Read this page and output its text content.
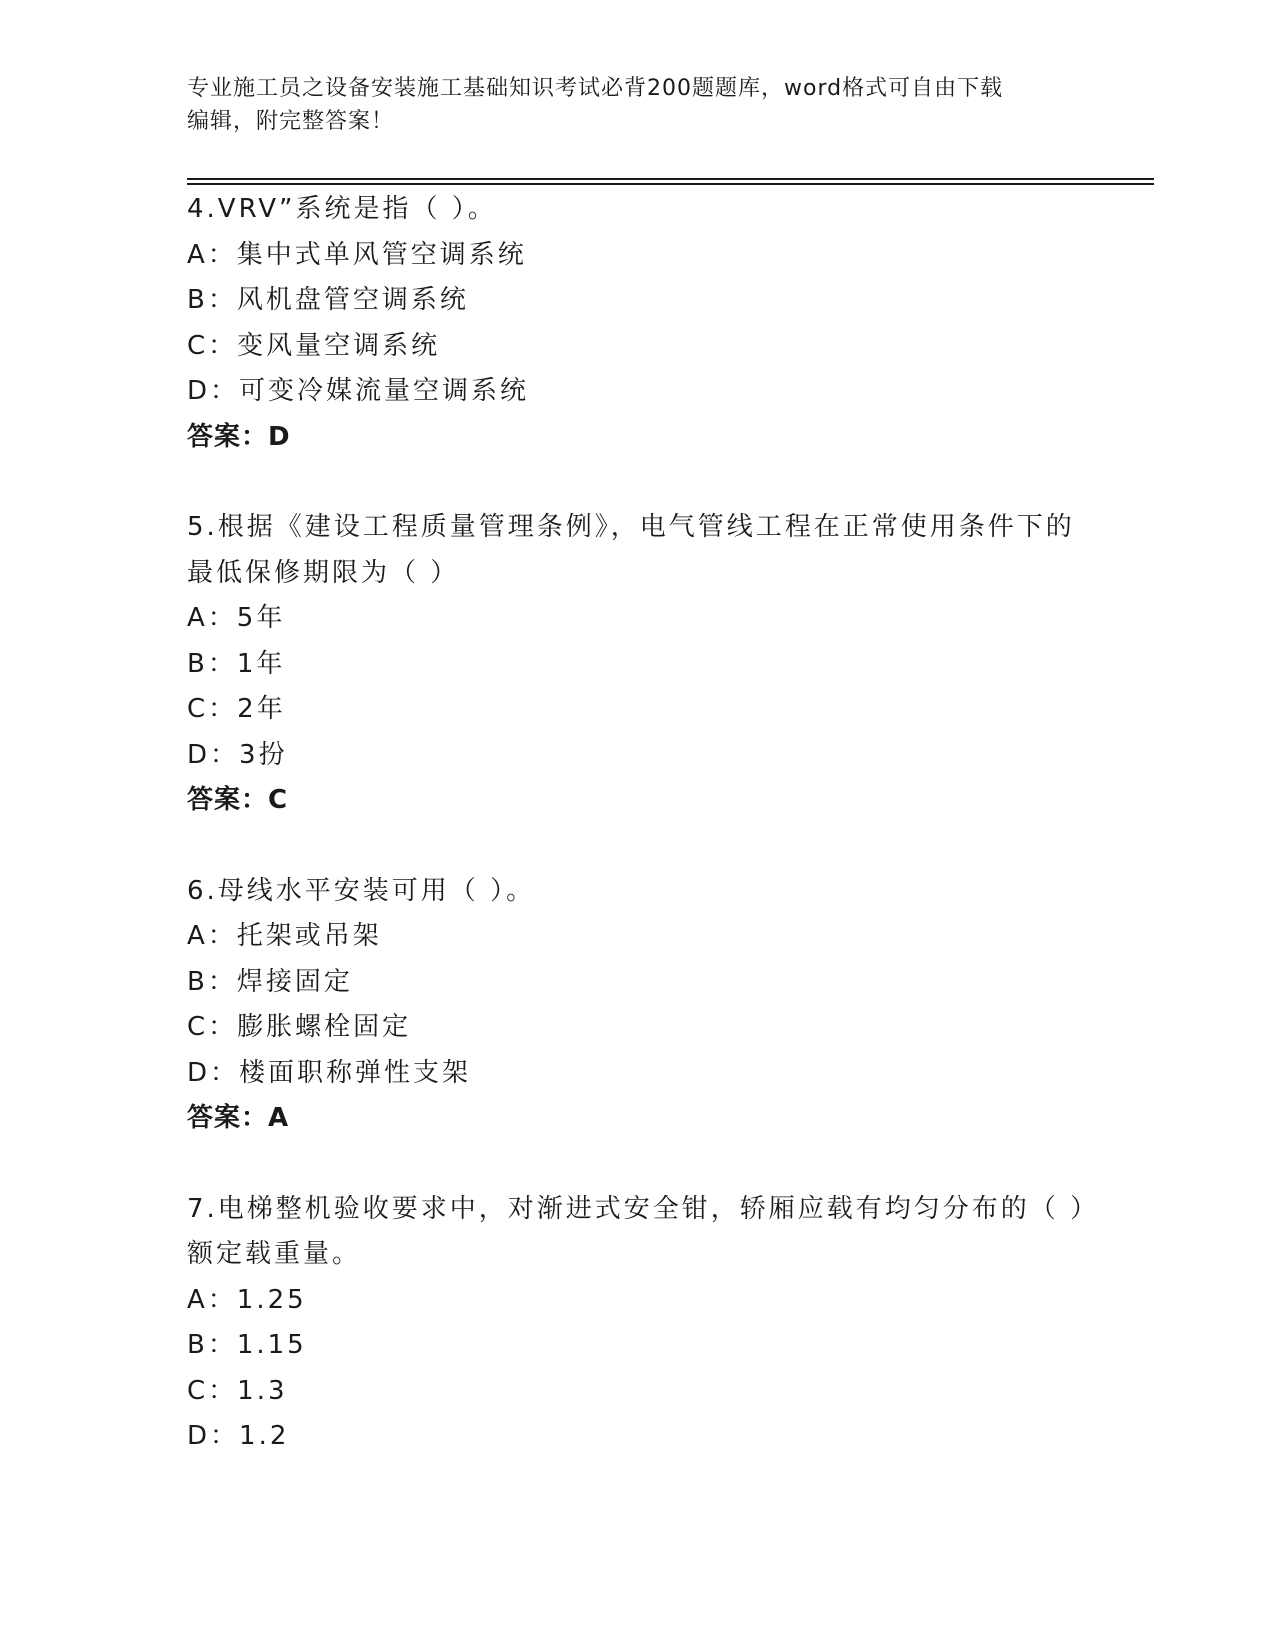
专业施工员之设备安装施工基础知识考试必背200题题库，word格式可自由下载
编辑，附完整答案！
4.VRV”系统是指（ ）。
A：集中式单风管空调系统
B：风机盘管空调系统
C：变风量空调系统
D：可变冷媒流量空调系统
答案：D
5.根据《建设工程质量管理条例》，电气管线工程在正常使用条件下的最低保修期限为（ ）
A：5年
B：1年
C：2年
D：3扮
答案：C
6.母线水平安装可用（ ）。
A：托架或吊架
B：焊接固定
C：膨胀螺栓固定
D：楼面职称弹性支架
答案：A
7.电梯整机验收要求中，对渐进式安全钳，轿厢应载有均匀分布的（ ）额定载重量。
A：1.25
B：1.15
C：1.3
D：1.2
